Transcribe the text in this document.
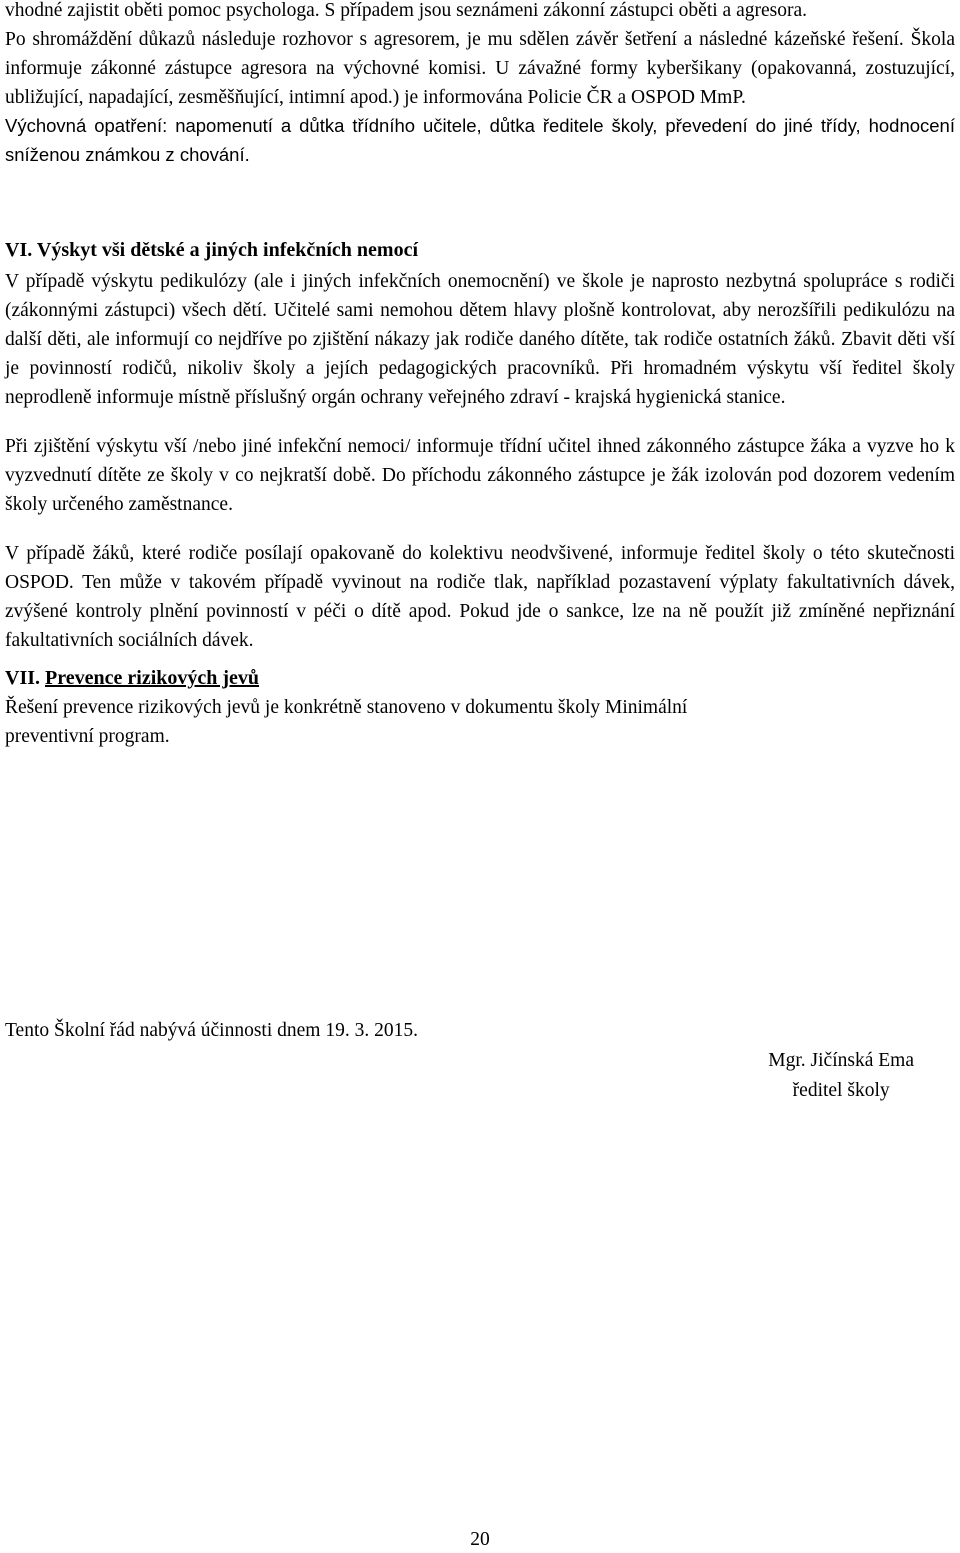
vhodné zajistit oběti pomoc psychologa. S případem jsou seznámeni zákonní zástupci oběti a agresora.

Po shromáždění důkazů následuje rozhovor s agresorem, je mu sdělen závěr šetření a následné kázeňské řešení. Škola informuje zákonné zástupce agresora na výchovné komisi. U závažné formy kyberšikany (opakovanná, zostuzující, ubližující, napadající, zesměšňující, intimní apod.) je informována Policie ČR a OSPOD MmP.

Výchovná opatření: napomenutí a důtka třídního učitele, důtka ředitele školy, převedení do jiné třídy, hodnocení sníženou známkou z chování.

VI. Výskyt vši dětské a jiných infekčních nemocí

V případě výskytu pedikulózy (ale i jiných infekčních onemocnění) ve škole je naprosto nezbytná spolupráce s rodiči (zákonnými zástupci) všech dětí. Učitelé sami nemohou dětem hlavy plošně kontrolovat, aby nerozšířili pedikulózu na další děti, ale informují co nejdříve po zjištění nákazy jak rodiče daného dítěte, tak rodiče ostatních žáků. Zbavit děti vší je povinností rodičů, nikoliv školy a jejích pedagogických pracovníků. Při hromadném výskytu vší ředitel školy neprodleně informuje místně příslušný orgán ochrany veřejného zdraví - krajská hygienická stanice.

Při zjištění výskytu vší /nebo jiné infekční nemoci/ informuje třídní učitel ihned zákonného zástupce žáka a vyzve ho k vyzvednutí dítěte ze školy v co nejkratší době. Do příchodu zákonného zástupce je žák izolován pod dozorem vedením školy určeného zaměstnance.

V případě žáků, které rodiče posílají opakovaně do kolektivu neodvšivené, informuje ředitel školy o této skutečnosti OSPOD. Ten může v takovém případě vyvinout na rodiče tlak, například pozastavení výplaty fakultativních dávek, zvýšené kontroly plnění povinností v péči o dítě apod. Pokud jde o sankce, lze na ně použít již zmíněné nepřiznání fakultativních sociálních dávek.

VII. Prevence rizikových jevů
Řešení prevence rizikových jevů je konkrétně stanoveno v dokumentu školy Minimální
preventivní program.

Tento Školní řád nabývá účinnosti dnem 19. 3. 2015.

Mgr. Jičínská Ema
ředitel školy
20
